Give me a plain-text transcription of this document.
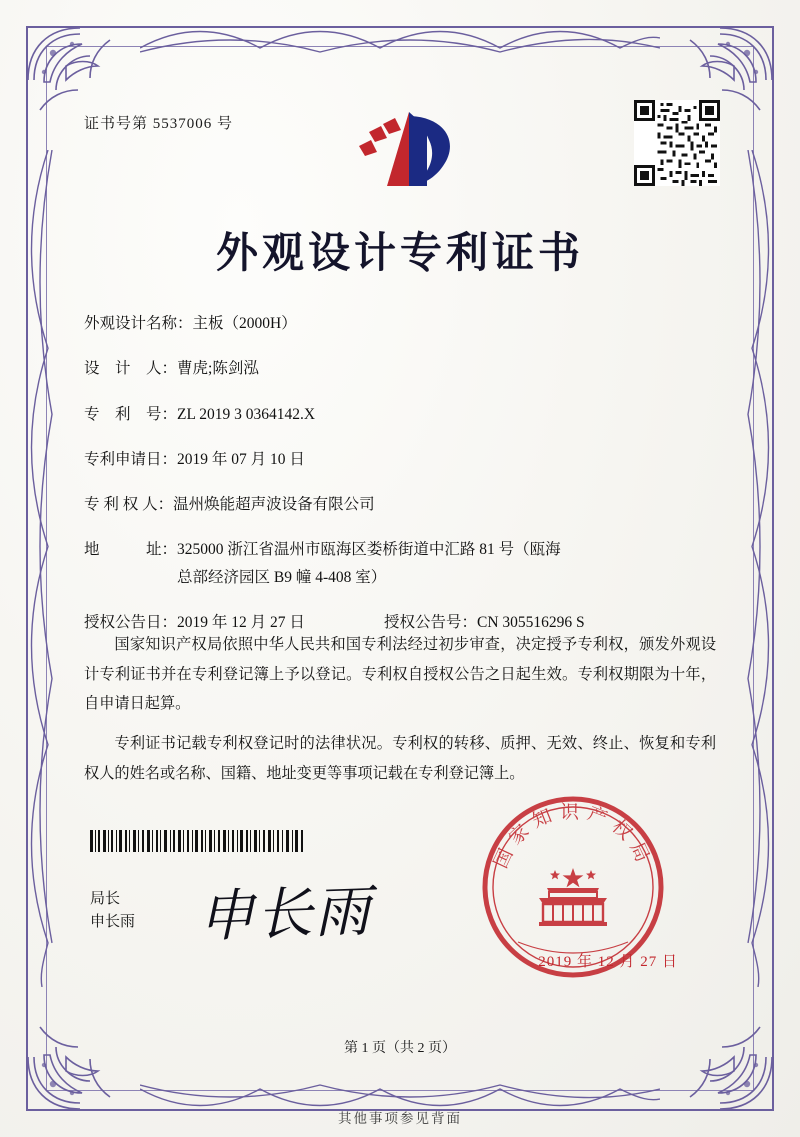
证书号第 5537006 号
外观设计专利证书
外观设计名称： 主板（2000H）
设　计　人： 曹虎;陈剑泓
专　利　号： ZL 2019 3 0364142.X
专利申请日： 2019 年 07 月 10 日
专 利 权 人： 温州焕能超声波设备有限公司
地　　　址： 325000 浙江省温州市瓯海区娄桥街道中汇路 81 号（瓯海
总部经济园区 B9 幢 4-408 室）
授权公告日： 2019 年 12 月 27 日	授权公告号： CN 305516296 S

国家知识产权局依照中华人民共和国专利法经过初步审查，决定授予专利权，颁发外观设计专利证书并在专利登记簿上予以登记。专利权自授权公告之日起生效。专利权期限为十年，自申请日起算。

专利证书记载专利权登记时的法律状况。专利权的转移、质押、无效、终止、恢复和专利权人的姓名或名称、国籍、地址变更等事项记载在专利登记簿上。

局长
申长雨 申长雨
国家知识产权局
2019 年 12 月 27 日
第 1 页（共 2 页）
其他事项参见背面
